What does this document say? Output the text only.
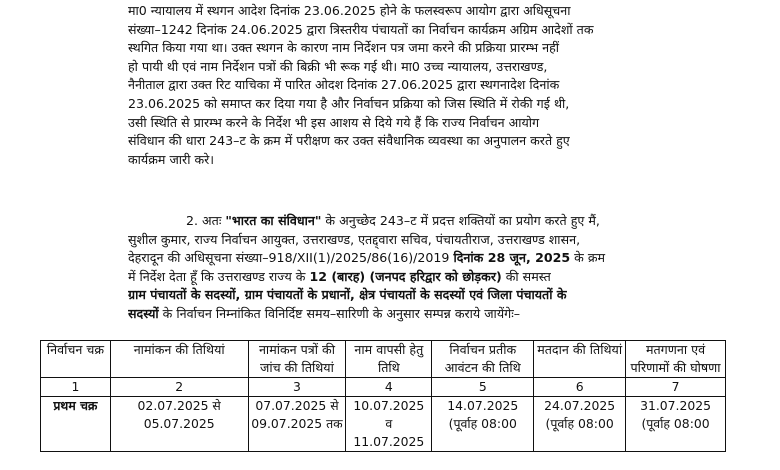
मा0 न्यायालय में स्थगन आदेश दिनांक 23.06.2025 होने के फलस्वरूप आयोग द्वारा अधिसूचना
संख्या–1242 दिनांक 24.06.2025 द्वारा त्रिस्तरीय पंचायतों का निर्वाचन कार्यक्रम अग्रिम आदेशों तक
स्थगित किया गया था। उक्त स्थगन के कारण नाम निर्देशन पत्र जमा करने की प्रक्रिया प्रारम्भ नहीं
हो पायी थी एवं नाम निर्देशन पत्रों की बिक्री भी रूक गई थी। मा0 उच्च न्यायालय, उत्तराखण्ड,
नैनीताल द्वारा उक्त रिट याचिका में पारित ओदश दिनांक 27.06.2025 द्वारा स्थगनादेश दिनांक
23.06.2025 को समाप्त कर दिया गया है और निर्वाचन प्रक्रिया को जिस स्थिति में रोकी गई थी,
उसी स्थिति से प्रारम्भ करने के निर्देश भी इस आशय से दिये गये हैं कि राज्य निर्वाचन आयोग
संविधान की धारा 243–ट के क्रम में परीक्षण कर उक्त संवैधानिक व्यवस्था का अनुपालन करते हुए
कार्यक्रम जारी करे।
2. अतः "भारत का संविधान" के अनुच्छेद 243–ट में प्रदत्त शक्तियों का प्रयोग करते हुए मैं,
सुशील कुमार, राज्य निर्वाचन आयुक्त, उत्तराखण्ड, एतद्द्वारा सचिव, पंचायतीराज, उत्तराखण्ड शासन,
देहरादून की अधिसूचना संख्या–918/XII(1)/2025/86(16)/2019 दिनांक 28 जून, 2025 के क्रम
में निर्देश देता हूँ कि उत्तराखण्ड राज्य के 12 (बारह) (जनपद हरिद्वार को छोड़कर) की समस्त
ग्राम पंचायतों के सदस्यों, ग्राम पंचायतों के प्रधानों, क्षेत्र पंचायतों के सदस्यों एवं जिला पंचायतों के
सदस्यों के निर्वाचन निम्नांकित विनिर्दिष्ट समय–सारिणी के अनुसार सम्पन्न कराये जायेंगेः–
निर्वाचन चक्र	नामांकन की तिथियां	नामांकन पत्रों की जांच की तिथियां	नाम वापसी हेतु तिथि	निर्वाचन प्रतीक आवंटन की तिथि	मतदान की तिथियां	मतगणना एवं परिणामों की घोषणा
1	2	3	4	5	6	7
प्रथम चक्र	02.07.2025 से 05.07.2025	07.07.2025 से 09.07.2025 तक	10.07.2025 व 11.07.2025	14.07.2025 (पूर्वाह 08:00	24.07.2025 (पूर्वाह 08:00	31.07.2025 (पूर्वाह 08:00
